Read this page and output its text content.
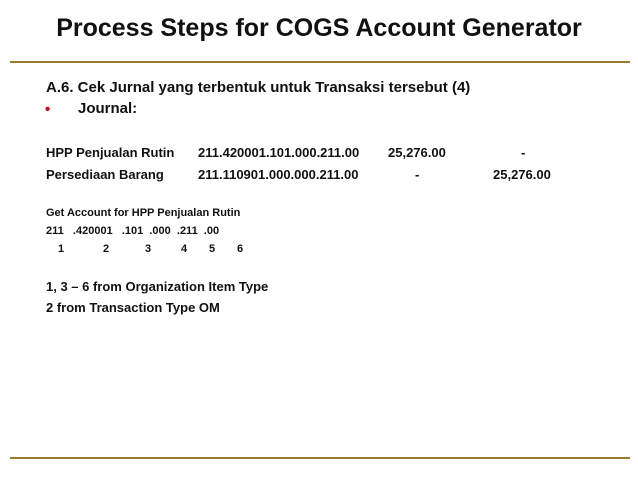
Process Steps for COGS Account Generator
A.6. Cek Jurnal yang terbentuk untuk Transaksi tersebut (4)
• Journal:
HPP Penjualan Rutin 211.420001.101.000.211.00 25,276.00	-
Persediaan Barang	211.110901.000.000.211.00	-	25,276.00
Get Account for HPP Penjualan Rutin
211   .420001   .101  .000  .211  .00
1	2	3	4 5 6
1, 3 – 6 from Organization Item Type
2 from Transaction Type OM
